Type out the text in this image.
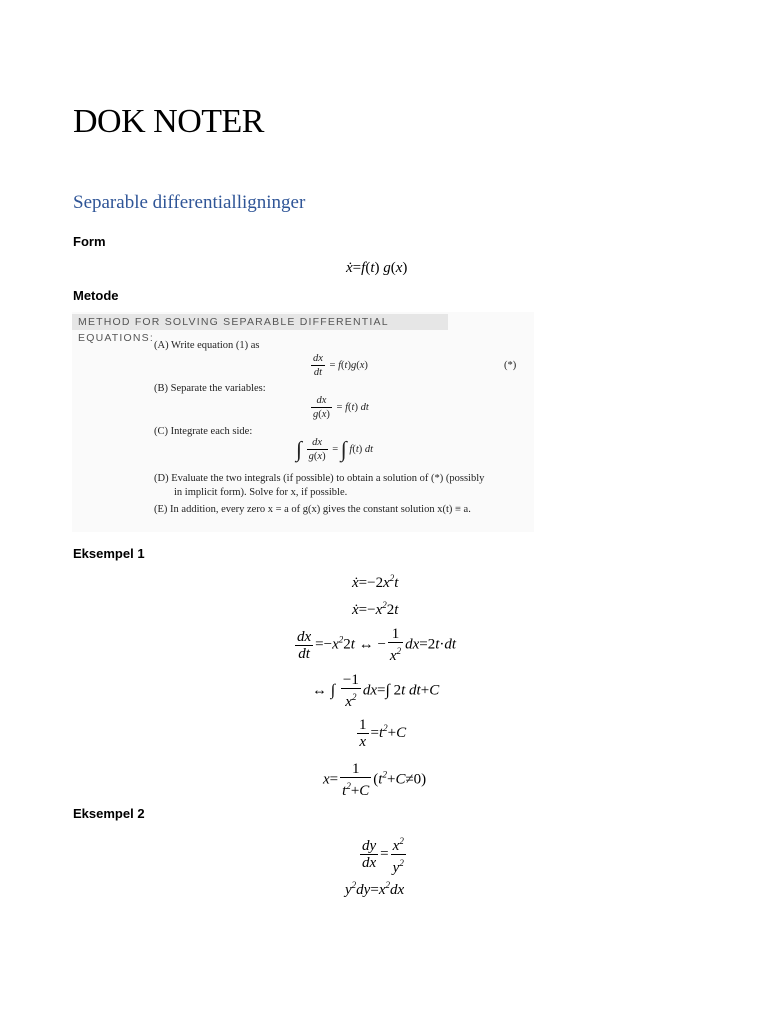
DOK NOTER
Separable differentialligninger
Form
ẋ=f(t) g(x)
Metode
METHOD FOR SOLVING SEPARABLE DIFFERENTIAL EQUATIONS:
(A) Write equation (1) as
$\frac{dx}{dt} = f(t)g(x)$	(*)
(B) Separate the variables:
$\frac{dx}{g(x)} = f(t)$ dt
(C) Integrate each side:
∫ $\frac{dx}{g(x)}$ = ∫ f(t) dt
(D) Evaluate the two integrals (if possible) to obtain a solution of (*) (possibly
in implicit form). Solve for x, if possible.
(E) In addition, every zero x = a of g(x) gives the constant solution x(t) ≡ a.
Eksempel 1
$ẋ=-2x^2t$
$ẋ=-x^22t$
$\frac{dx}{dt} =-x^22t$ ↔ − $\frac{1}{x^2} dx=2t\cdot dt$
↔ ∫ $\frac{-1}{x^2} dx=\int$ 2t dt+C
$\frac{1}{x} =t^2+C$
$x= \frac{1}{t^2+C} (t^2+C\ne 0)$
Eksempel 2
$\frac{dy}{dx} = \frac{x^2}{y^2}$
$y^2dy=x^2dx$
